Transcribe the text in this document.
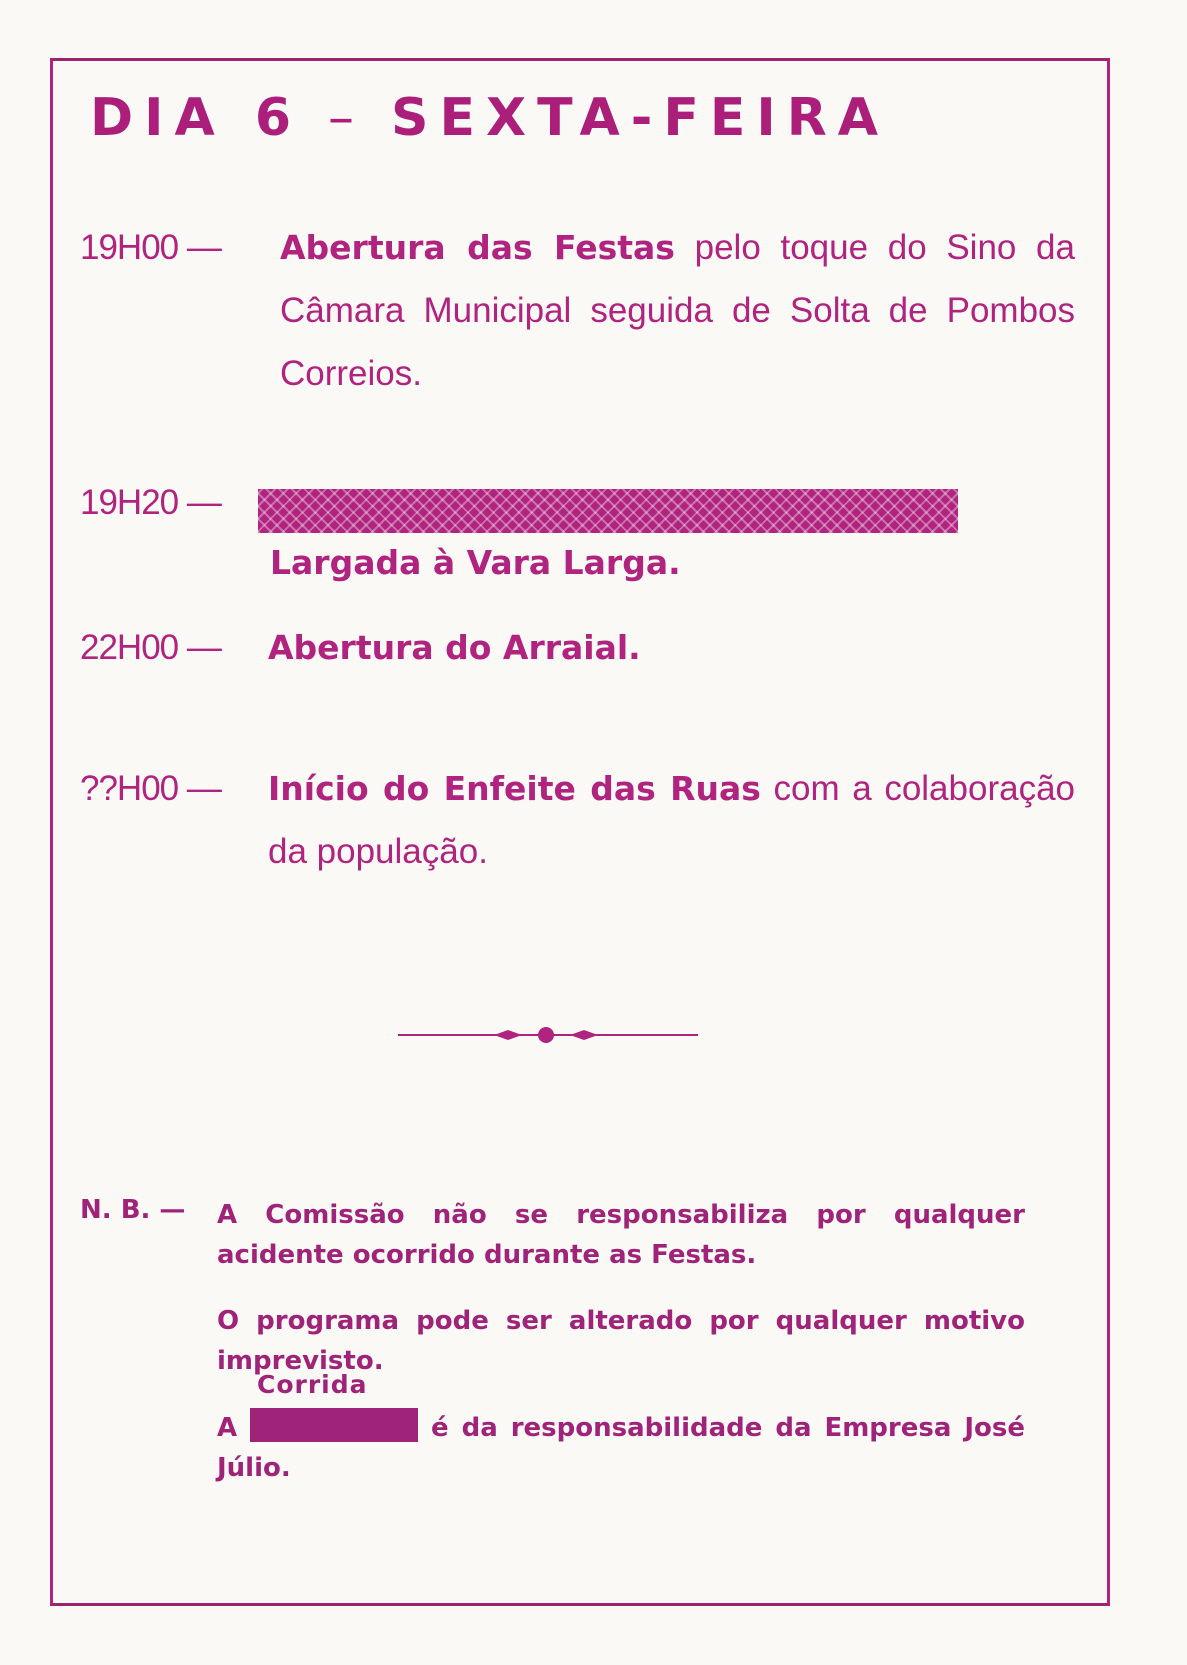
DIA 6 – SEXTA-FEIRA
19H00 — Abertura das Festas pelo toque do Sino da Câmara Municipal seguida de Solta de Pombos Correios.
19H20 —
Largada à Vara Larga.
22H00 — Abertura do Arraial.
??H00 — Início do Enfeite das Ruas com a colaboração da população.
N. B. — A Comissão não se responsabiliza por qualquer acidente ocorrido durante as Festas.
O programa pode ser alterado por qualquer motivo imprevisto.
A	é da responsabilidade da Empresa José Júlio.
Corrida
